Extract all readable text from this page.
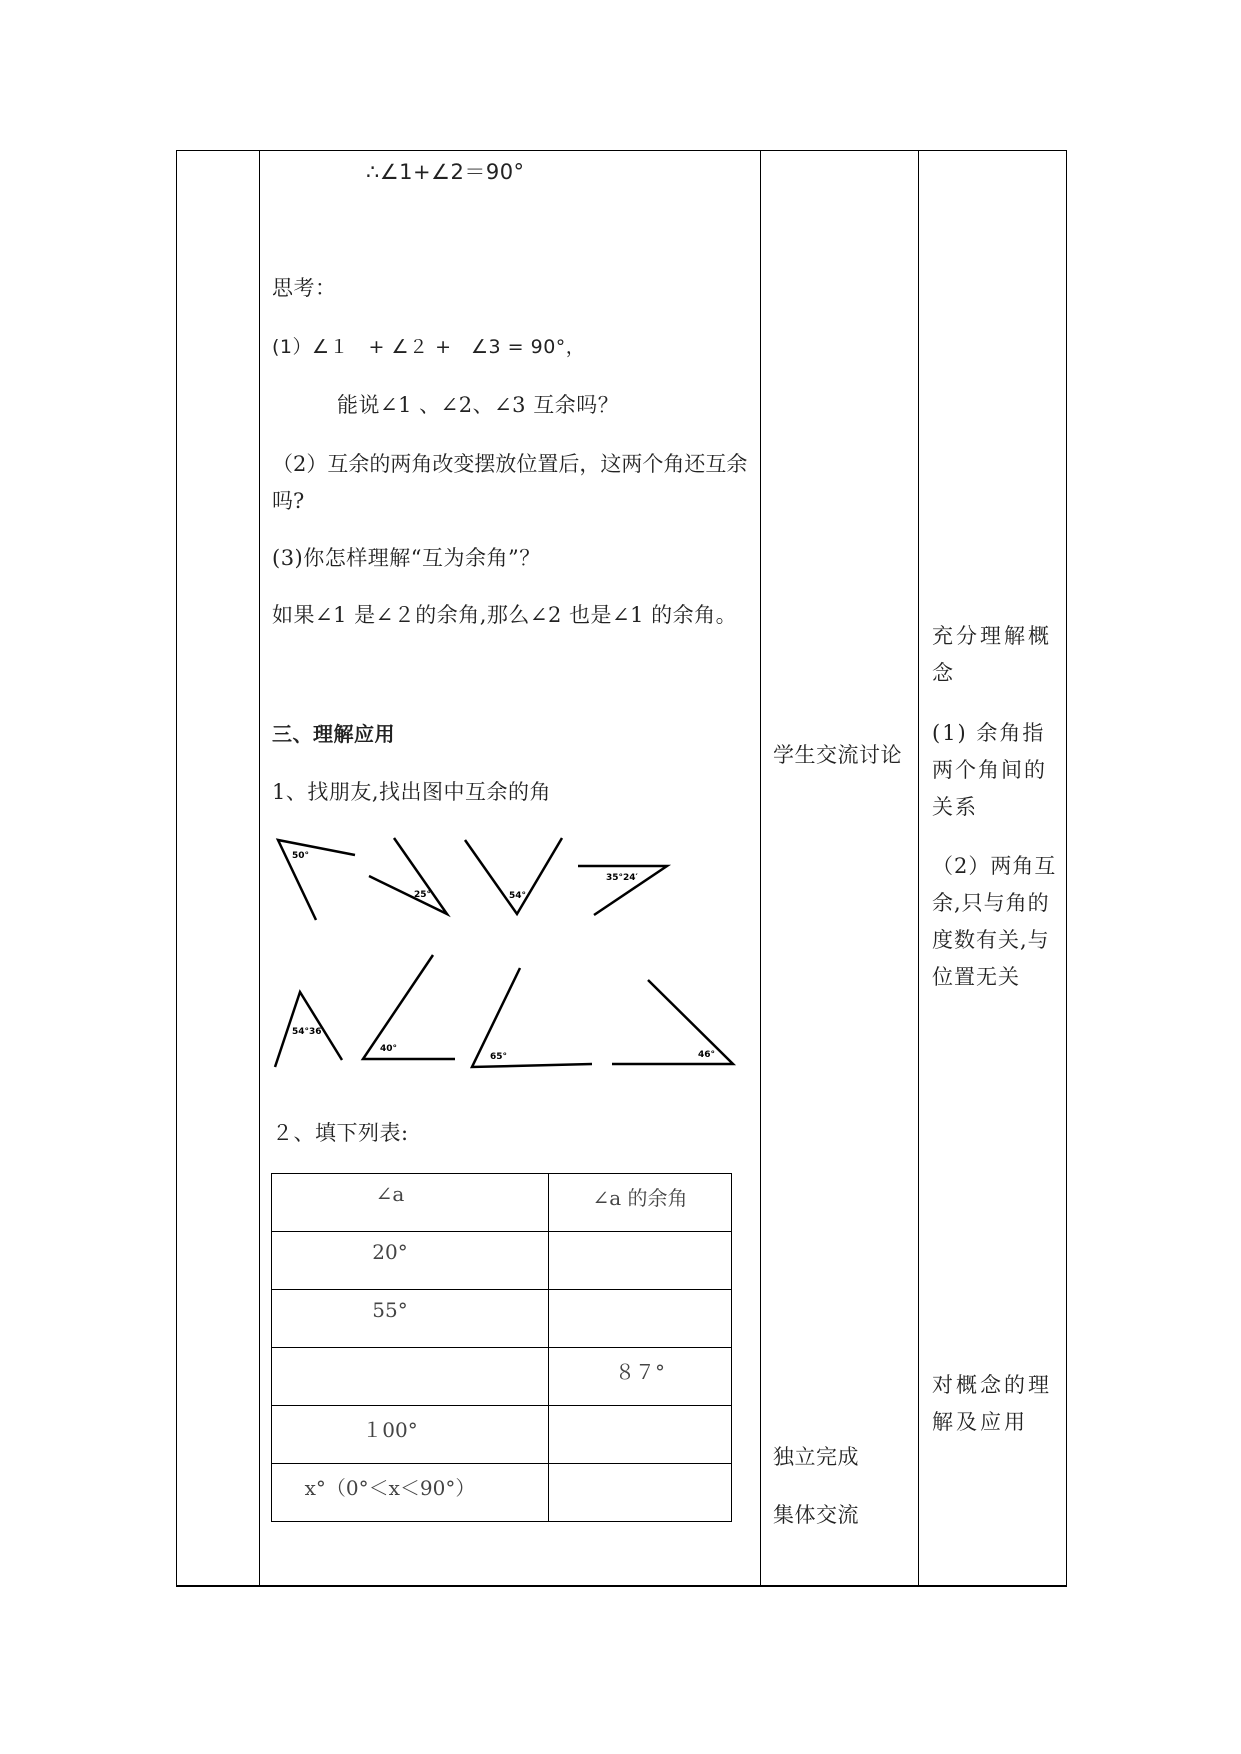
∴∠1+∠2＝90°
思考：
(1）∠１　+ ∠２ +　∠3 = 90°，
能说∠1 、∠2、∠3 互余吗？
（2）互余的两角改变摆放位置后，这两个角还互余吗?
(3)你怎样理解“互为余角”？
如果∠1 是∠２的余角,那么∠2 也是∠1 的余角。
三、理解应用
1、找朋友,找出图中互余的角
50°
25°	54°
35°24′
54°36′
40°
65°	46°
２、填下列表:
∠a	∠a 的余角
20°	
55°	
	８７°
１00°	
x°（0°＜x＜90°）	
学生交流讨论
独立完成
集体交流
充分理解概念
(1) 余角指两个角间的关系
（2）两角互余,只与角的度数有关,与位置无关
对概念的理解及应用
